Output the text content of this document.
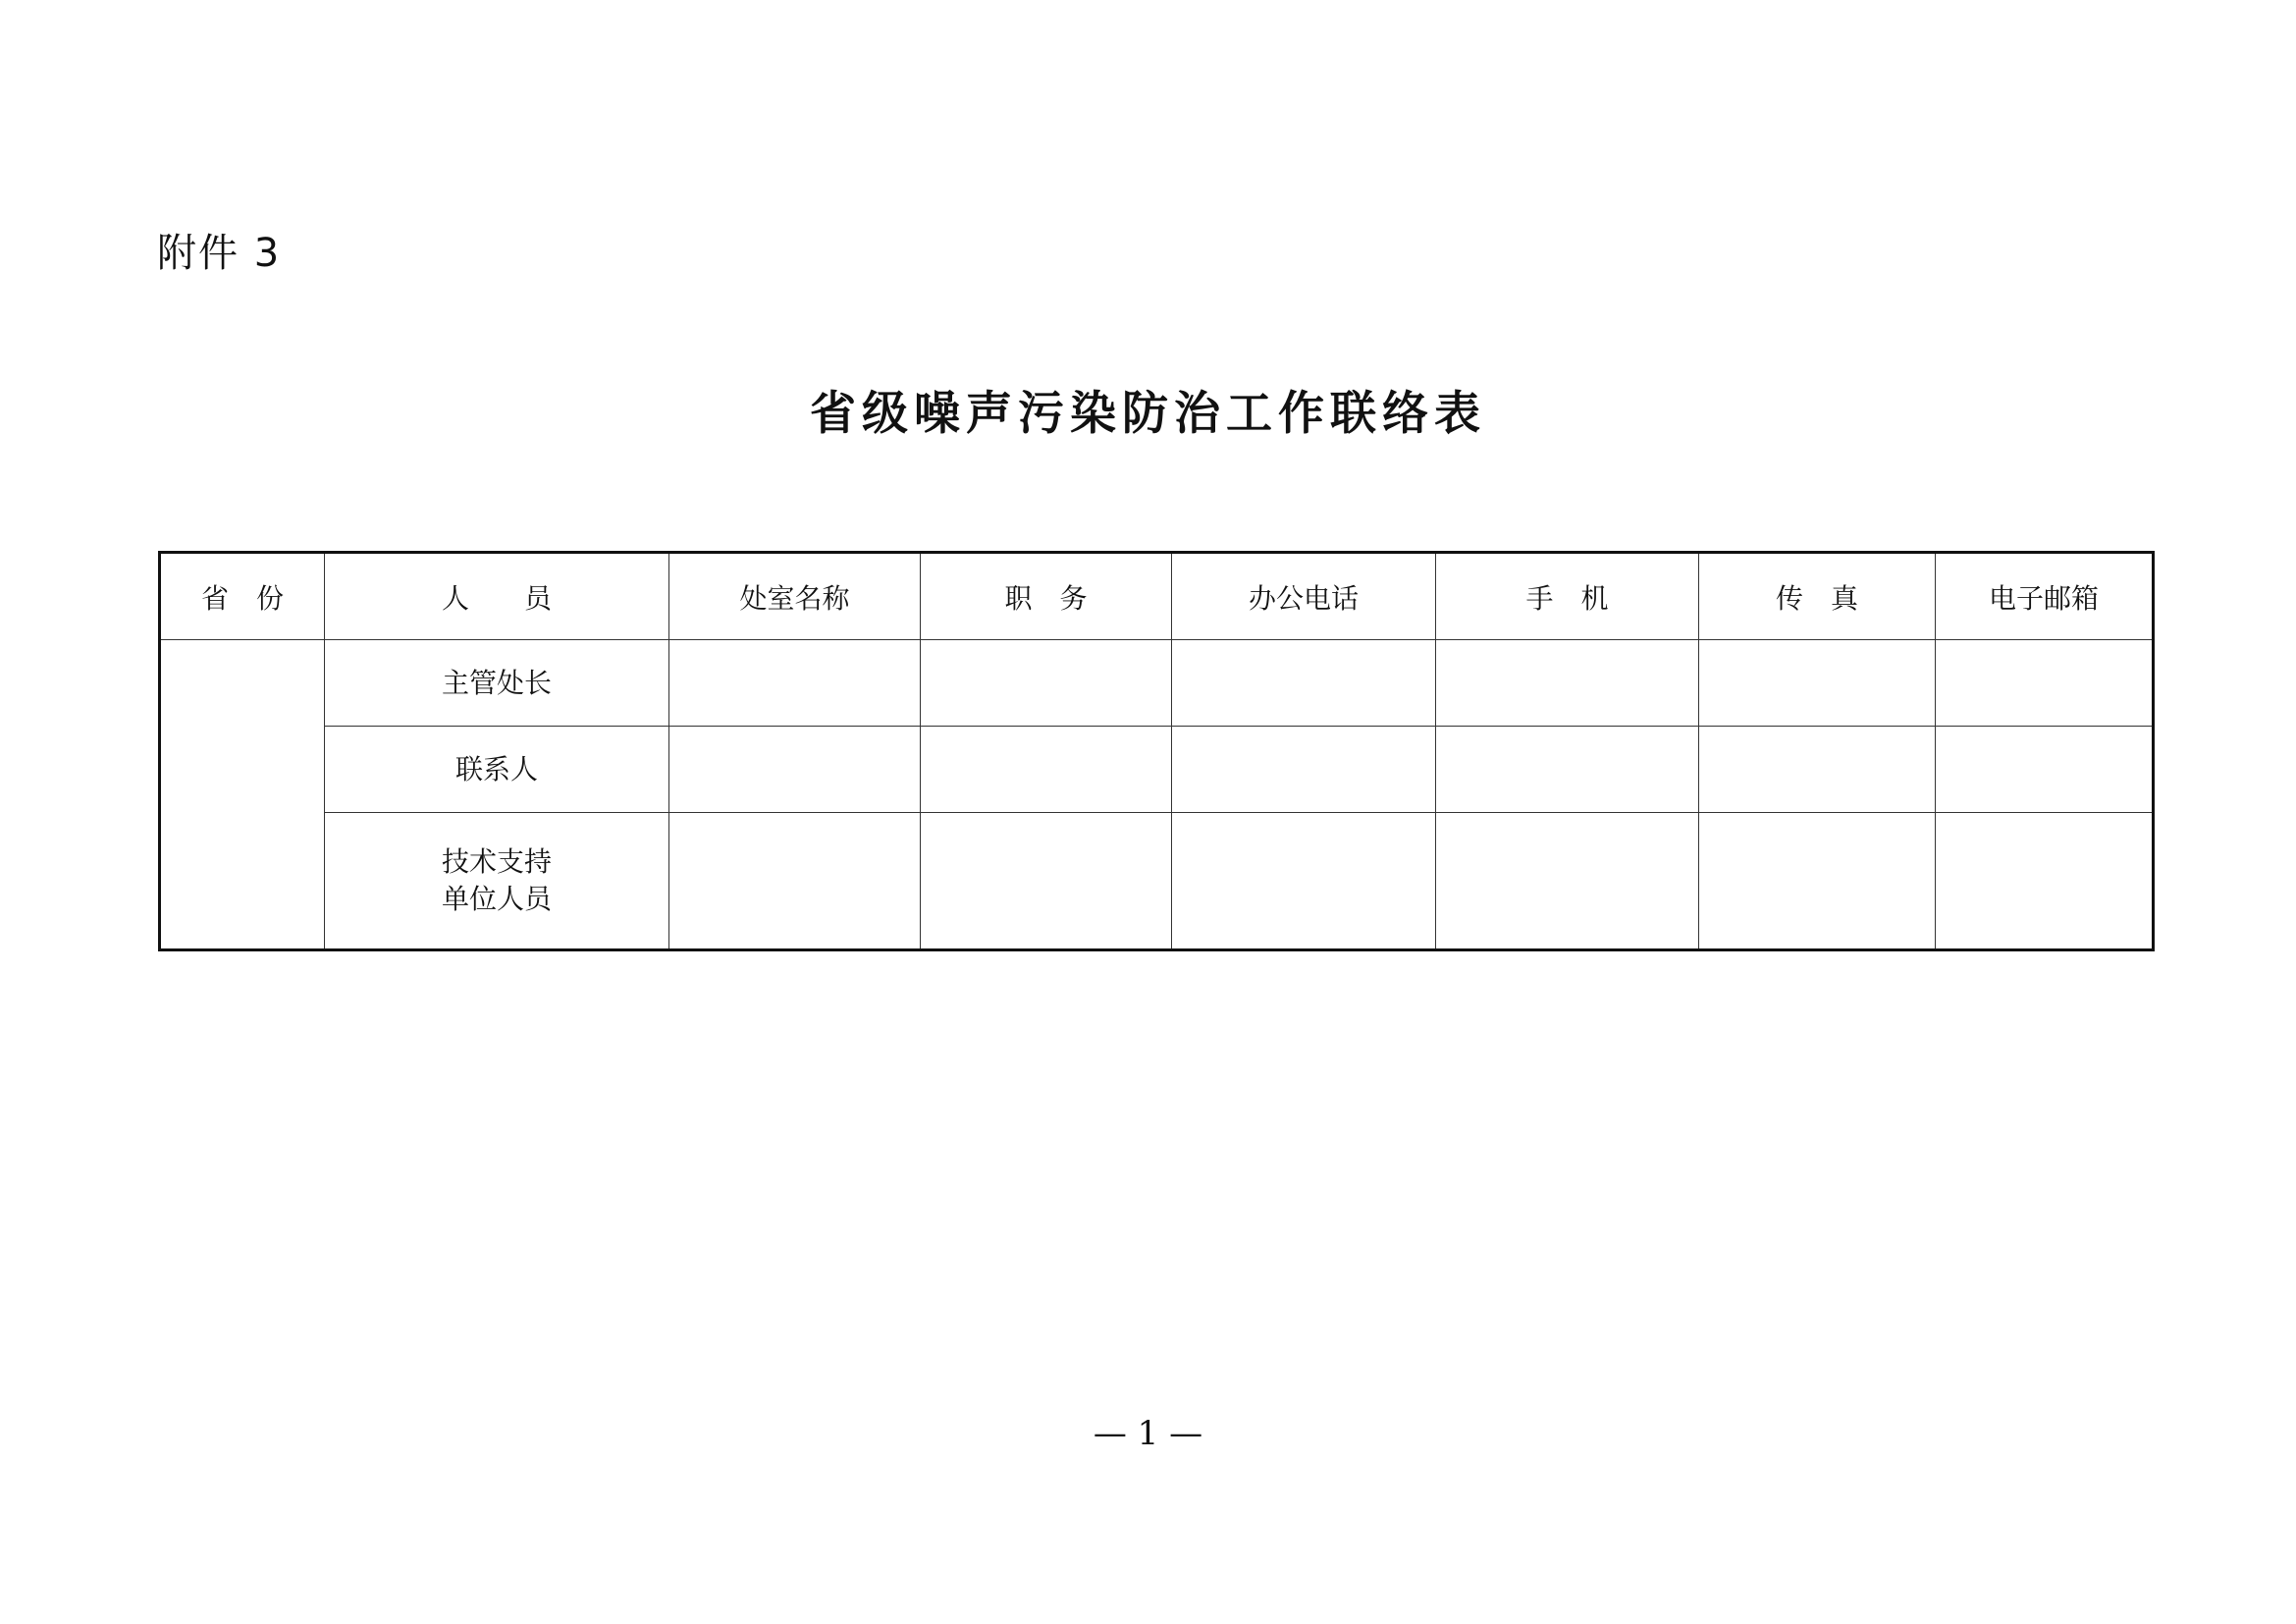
附件 3
省级噪声污染防治工作联络表
省　份	人　　员	处室名称	职　务	办公电话	手　机	传　真	电子邮箱
	主管处长						
	联系人						

	技术支持
单位人员						

— 1 —
